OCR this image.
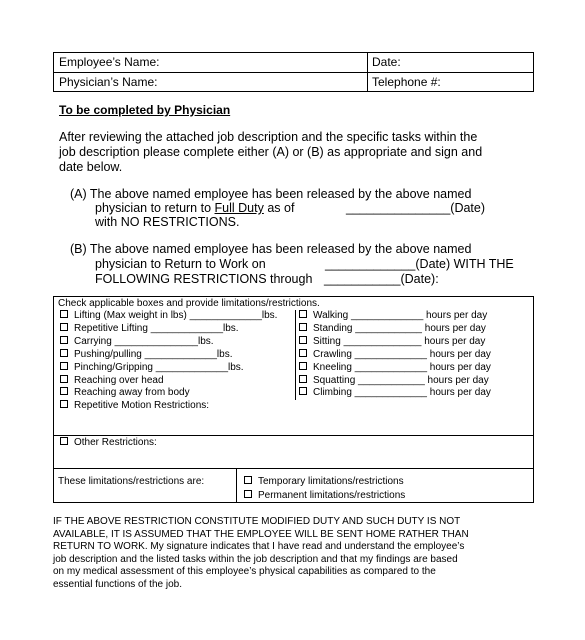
Employee’s Name:	Date:
Physician’s Name:	Telephone #:
To be completed by Physician
After reviewing the attached job description and the specific tasks within the
job description please complete either (A) or (B) as appropriate and sign and
date below.
(A) The above named employee has been released by the above named
physician to return to Full Duty as of	_______________(Date)
with NO RESTRICTIONS.
(B) The above named employee has been released by the above named
physician to Return to Work on	_____________(Date) WITH THE
FOLLOWING RESTRICTIONS through ___________(Date):
Check applicable boxes and provide limitations/restrictions.
Lifting (Max weight in lbs) _____________lbs.
Repetitive Lifting _____________lbs.
Carrying _______________lbs.
Pushing/pulling _____________lbs.
Pinching/Gripping _____________lbs.
Reaching over head
Reaching away from body
Walking _____________ hours per day
Standing ____________ hours per day
Sitting ______________ hours per day
Crawling _____________ hours per day
Kneeling _____________ hours per day
Squatting ____________ hours per day
Climbing _____________ hours per day
Repetitive Motion Restrictions:
Other Restrictions:
These limitations/restrictions are:	Temporary limitations/restrictions
Permanent limitations/restrictions
IF THE ABOVE RESTRICTION CONSTITUTE MODIFIED DUTY AND SUCH DUTY IS NOT
AVAILABLE, IT IS ASSUMED THAT THE EMPLOYEE WILL BE SENT HOME RATHER THAN
RETURN TO WORK. My signature indicates that I have read and understand the employee’s
job description and the listed tasks within the job description and that my findings are based
on my medical assessment of this employee’s physical capabilities as compared to the
essential functions of the job.
